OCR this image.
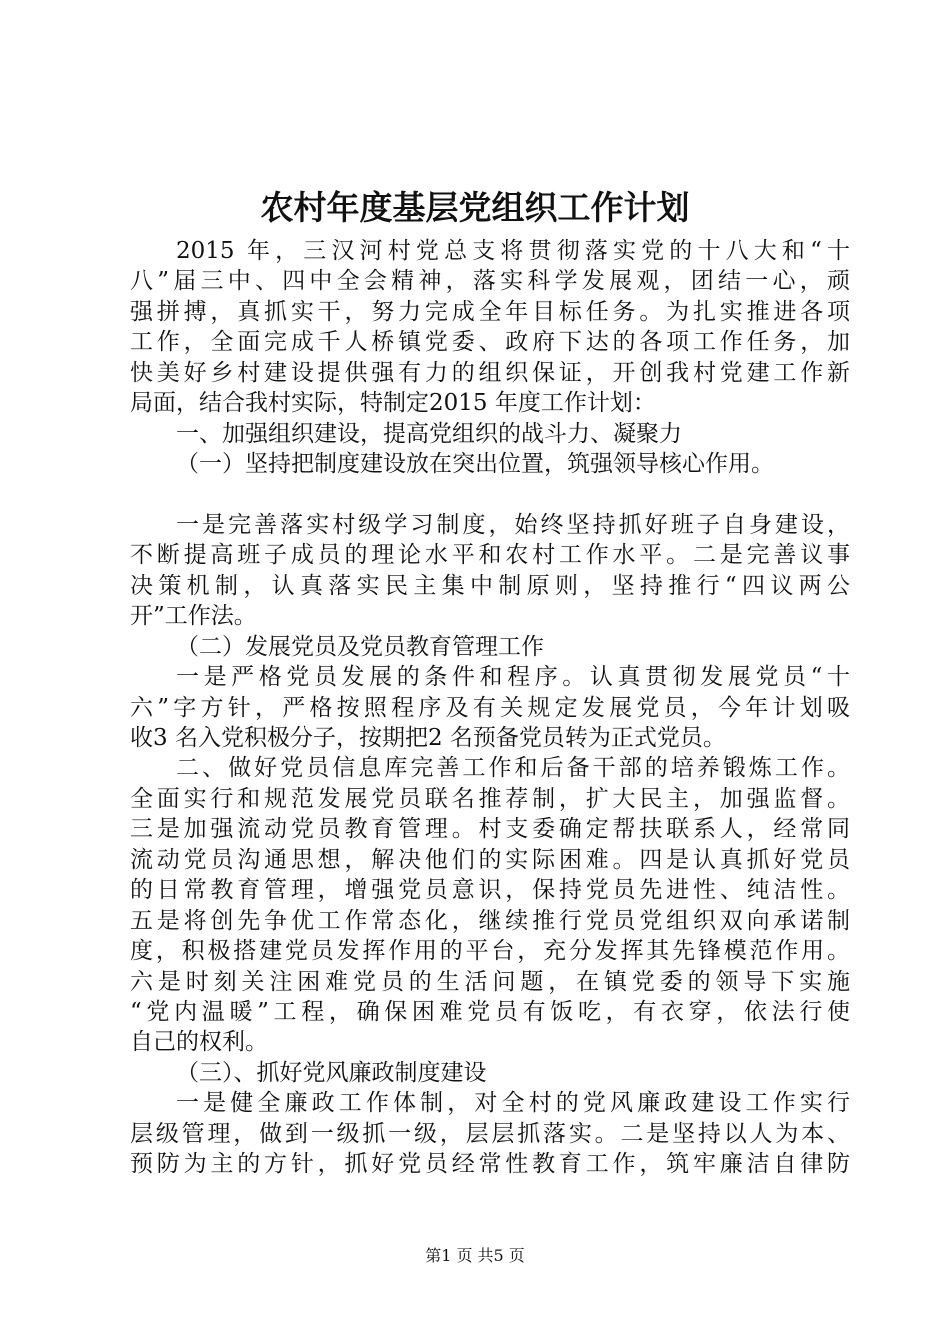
农村年度基层党组织工作计划
2015 年，三汉河村党总支将贯彻落实党的十八大和“十
八”届三中、四中全会精神，落实科学发展观，团结一心，顽
强拼搏，真抓实干，努力完成全年目标任务。为扎实推进各项
工作，全面完成千人桥镇党委、政府下达的各项工作任务，加
快美好乡村建设提供强有力的组织保证，开创我村党建工作新
局面，结合我村实际，特制定2015 年度工作计划：
一、加强组织建设，提高党组织的战斗力、凝聚力
（一）坚持把制度建设放在突出位置，筑强领导核心作用。
一是完善落实村级学习制度，始终坚持抓好班子自身建设，
不断提高班子成员的理论水平和农村工作水平。二是完善议事
决策机制，认真落实民主集中制原则，坚持推行“四议两公
开”工作法。
（二）发展党员及党员教育管理工作
一是严格党员发展的条件和程序。认真贯彻发展党员“十
六”字方针，严格按照程序及有关规定发展党员，今年计划吸
收3 名入党积极分子，按期把2 名预备党员转为正式党员。
二、做好党员信息库完善工作和后备干部的培养锻炼工作。
全面实行和规范发展党员联名推荐制，扩大民主，加强监督。
三是加强流动党员教育管理。村支委确定帮扶联系人，经常同
流动党员沟通思想，解决他们的实际困难。四是认真抓好党员
的日常教育管理，增强党员意识，保持党员先进性、纯洁性。
五是将创先争优工作常态化，继续推行党员党组织双向承诺制
度，积极搭建党员发挥作用的平台，充分发挥其先锋模范作用。
六是时刻关注困难党员的生活问题，在镇党委的领导下实施
“党内温暖”工程，确保困难党员有饭吃，有衣穿，依法行使
自己的权利。
（三）、抓好党风廉政制度建设
一是健全廉政工作体制，对全村的党风廉政建设工作实行
层级管理，做到一级抓一级，层层抓落实。二是坚持以人为本、
预防为主的方针，抓好党员经常性教育工作，筑牢廉洁自律防
第1 页 共5 页
